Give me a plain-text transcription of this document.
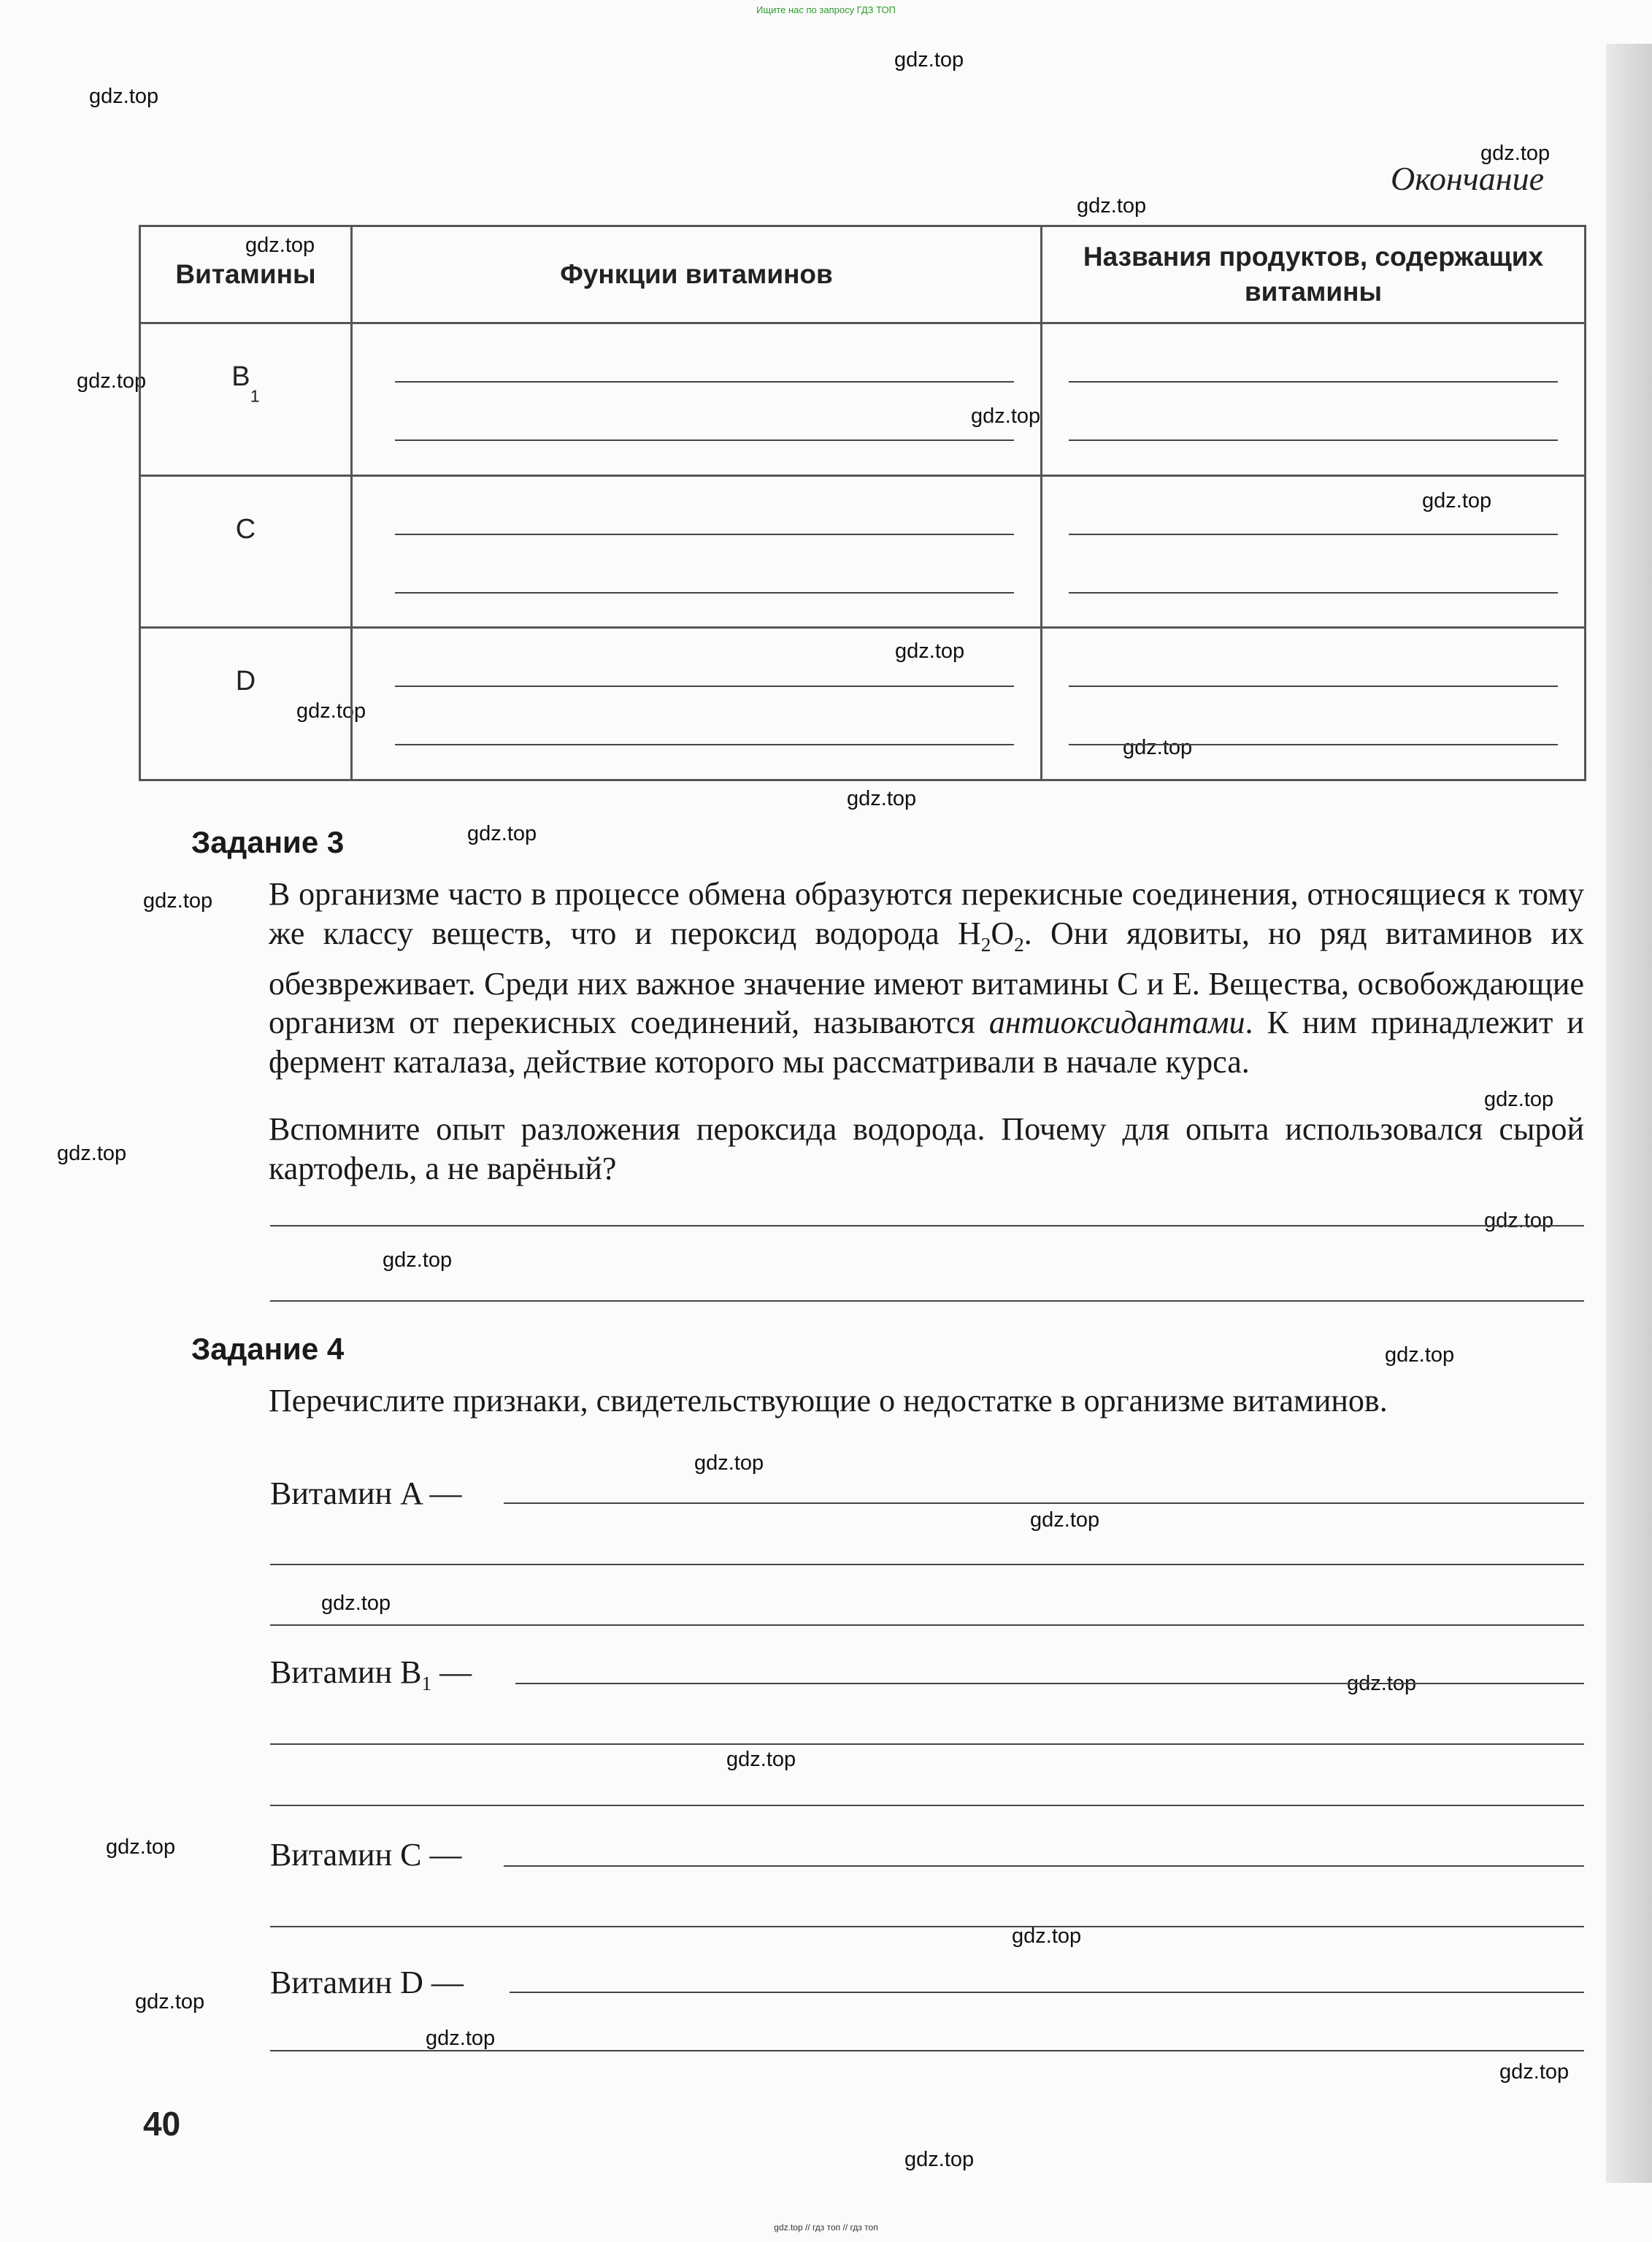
Ищите нас по запросу ГДЗ ТОП
gdz.top
gdz.top
gdz.top
gdz.top
gdz.top
gdz.top
gdz.top
gdz.top
gdz.top
gdz.top
gdz.top
gdz.top
gdz.top
gdz.top
gdz.top
gdz.top
gdz.top
gdz.top
gdz.top
gdz.top
gdz.top
gdz.top
gdz.top
gdz.top
gdz.top
gdz.top
gdz.top
gdz.top
gdz.top
gdz.top
Окончание
Витамины	Функции витаминов	Названия продуктов, содержащих витамины
$B_1$	

C	

D	

Задание 3
В организме часто в процессе обмена образуются перекисные соединения, относящиеся к тому же классу веществ, что и пероксид водорода $H_2O_2$. Они ядовиты, но ряд витаминов их обезвреживает. Среди них важное значение имеют витамины C и E. Вещества, освобождающие организм от перекисных соединений, называются антиоксидантами. К ним принадлежит и фермент каталаза, действие которого мы рассматривали в начале курса.
Вспомните опыт разложения пероксида водорода. Почему для опыта использовался сырой картофель, а не варёный?
Задание 4
Перечислите признаки, свидетельствующие о недостатке в организме витаминов.
Витамин A —
Витамин $B_1$ —
Витамин C —
Витамин D —
40
gdz.top // гдз топ // гдз топ
